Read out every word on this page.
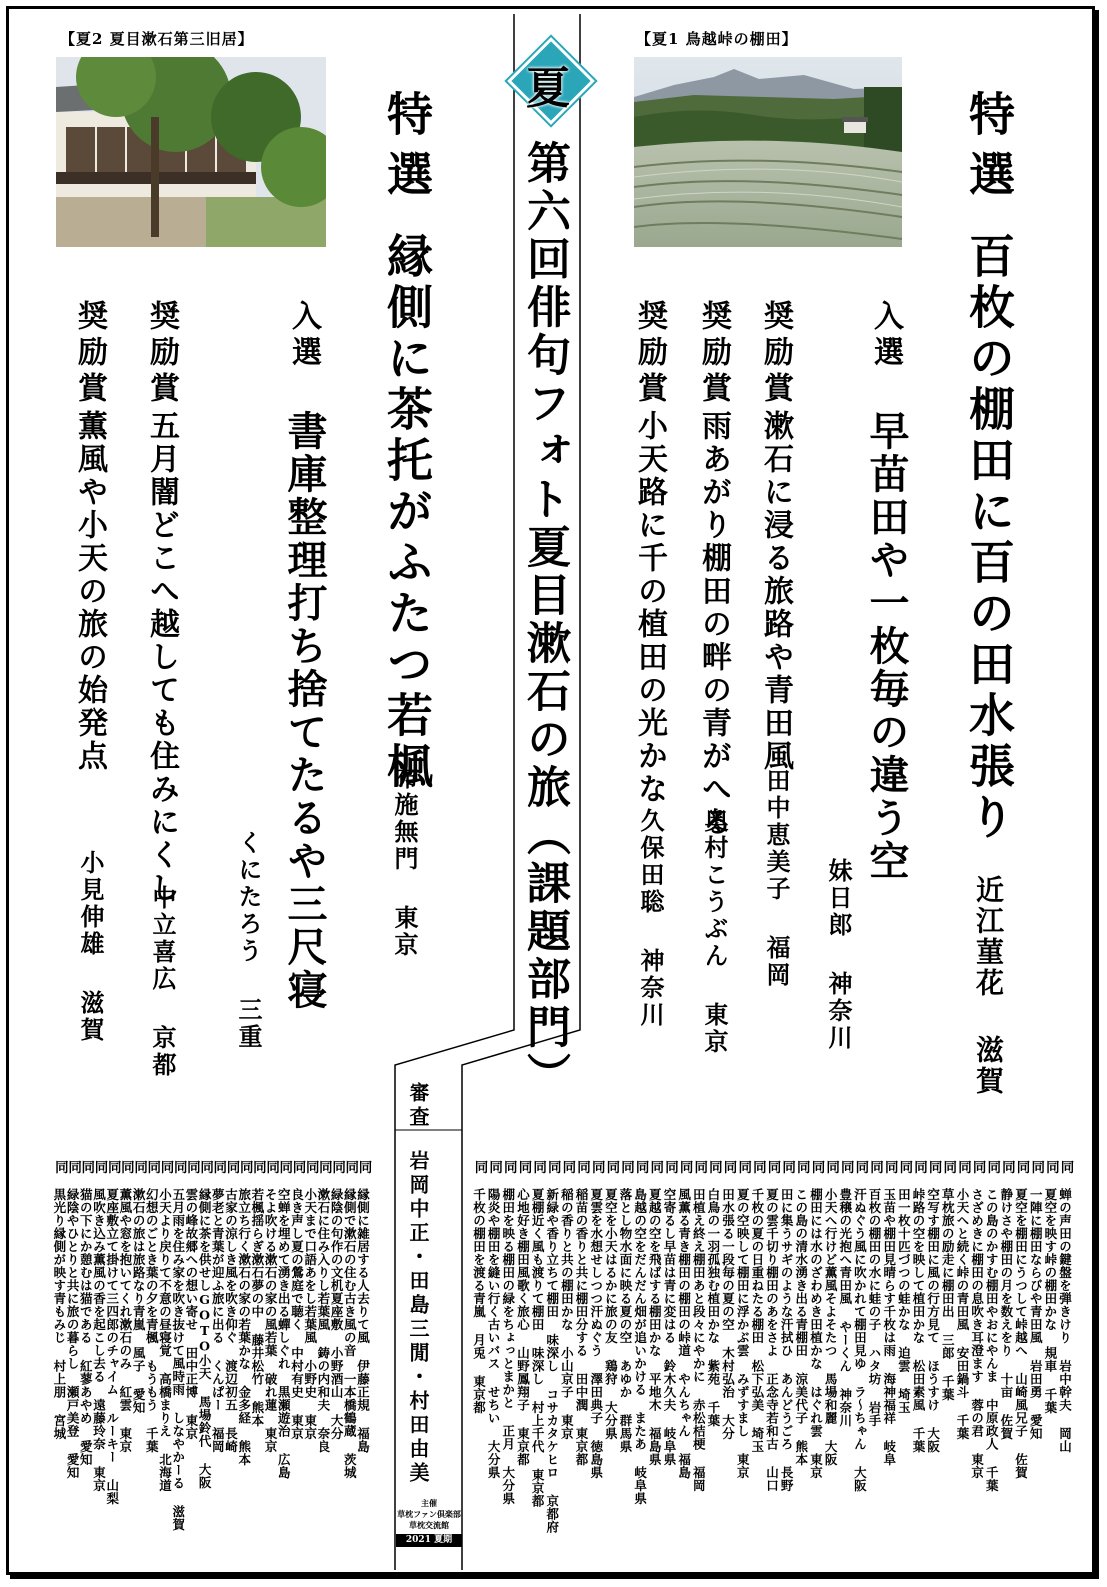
【夏1 鳥越峠の棚田】
【夏2 夏目漱石第三旧居】
夏
第六回俳句フォト夏目漱石の旅（課題部門）	特選
百枚の棚田に百の田水張り
近江菫花 滋賀
入選
早苗田や一枚毎の違う空
妹日郎 神奈川
奨励賞
漱石に浸る旅路や青田風
田中恵美子 福岡
奨励賞
雨あがり棚田の畔の青がへる
奥村こうぶん 東京
奨励賞
小天路に千の植田の光かな
久保田聡 神奈川
特選
縁側に茶托がふたつ若楓
布施無門 東京
入選
書庫整理打ち捨てたるや三尺寝
くにたろう 三重
奨励賞
五月闇どこへ越しても住みにくし
中立喜広 京都
奨励賞
薫風や小天の旅の始発点
小見伸雄 滋賀
審査
岩岡中正・田島三閒・村田由美
主催
草枕ファン倶楽部
草枕交流館
2021 夏期
同
蝉の声田の鍵盤を弾きけり 岩中幹夫 岡山
同
夏空を映す峠の棚田かな 規車 千葉
同
一陣に棚田ならびや青田風 岩田勇 愛知
同
夏空を棚田にうつして峠越へ 山崎風兄子 佐賀
同
静けさや棚田の月を数えをり 十亩 佐賀
同
この島のかすむ棚田やおにやんま 中原政人 千葉
同
さざめきに棚田の息吹き耳澄ます 蓉の君 東京
同
小天へと続く峠の青田風 安田鍋斗 千葉
同
草枕旅の励走に棚田出 三郎 千葉
同
空写す棚田に風の行方見て ほうすけ 大阪
同
峠路の空を映して植田かな 松田素風 千葉
同
田一枚十匹づつの蛙かな 迫雲 埼玉
同
玉苗や棚田見晴らす千枚は雨 海神福祥 岐阜
同
百枚の棚田の水に蛙の子 ハタ坊 岩手
同
汗ぬぐう風に吹かれて棚田見ゆ ラ～ちゃん 大阪
同
豊穣の光抱へ青田風 やーくん 神奈川
同
小天へ行けど薫風そよそたつ 馬場和麗 大阪
同
棚田には水のざわめき田植かな はぐれ雲 東京
同
この島の清水湧き出る青棚田 涼美代子 熊本
同
田に集うサギのような汗拭ひ あんどうごろ 長野
同
夏の雲千切り棚田のあをさよ 正念寺若和古 山口
同
千枚の夏の日重ねたる棚田 松下弘美 埼玉
同
夏の空映して棚田に浮かぶ雲 みずすまし 東京
同
田水張る一段毎の夏の空 木村弘治 大分
同
白鳥の一羽孤独む植田かな 紫苑 千葉
同
田植え終え棚田あと段々にやかに 赤松桔梗 福岡
同
風薫る青き棚田の棚田の峠道 やんちゃん 福島
同
空寄るし早苗は青に変はる 鈴木久夫 岐阜県
同
夏越の空を飛ばする棚田かな 平地木 福島県
同
島越の空をだんだん畑が追いかける またあ 岐阜県
同
落とし物水面に映る夏の空 あゆか 群馬県
同
夏空を小天はるかに旅の友 鶏狩 大分県
同
夏雲を水想せしつつ汗ぬぐう 澤田典子 徳島県
同
稲苗の香りと共に棚田分する 田中潤 東京都
同
稲の香りと共の棚田かな 小山京子 東京
同
新緑や香り立ちて棚田 味深し コサカタケヒロ 京都府
同
夏棚近く風も渡りて棚田 味深し 村上千代 東京都
同
心地好き棚田風歌く旅心 山野鳳翔子 東京都
同
棚田を映る棚田の緑をちょっとまかと 正月 大分県
同
陽炎や棚田を縫い行く古いバス せちい 大分県
同
千枚の棚田を渡る青嵐 月兎 東京都
同
縁側に雑居する人去りて風 伊藤正規 福島
同
縁側で漱石の住む古き風の音 一本橋鶴蔵 茨城
同
緑陰の句作の文机夏座敷 小野酒山 大分
同
漱石に住み入りし若葉風 鋳の内和夫 奈良
同
小天まで口語あをし若葉風 小野史 東京
同
良き声し夏の鶯庭で聴く 中村有史 東京
同
空蝉を埋めて湧き出る蟬しぐれ 黒瀬遊治 広島
同
そよ吹ける漱石の家の風若葉 破れ蓮 東京
同
若楓揺らぎ漱石夢の中 藤井松竹 熊本
同
旅立ち行く漱石の家の若葉かな 金多経 熊本
同
古家の涼しき風を吹き仰ぐ 渡辺初五 長崎
同
夢老と青葉が迎ふ旅に出る くんぱー 福岡
同
縁側に茶を供せしGOTO小天 馬場鈴代 大阪
同
雲の峰故郷への想い寄せ 田中正博 東京
同
五月雨を住み家を吹き抜けて風時雨 しなやかーる 滋賀
同
小天より戻りて不意の昼寝覚 高橋まりえ 北海道
同
幻想のごとき葉の夕を青楓 もうもう 千葉
同
漱石の旅は旅路なり青嵐 風子 愛知
同
薫風や窓を抱いてくれ漱石のみ 紅雲 東京
同
夏座敷立て掛けて三四郎のチャイム ルーキー 山梨
同
風吹き込み薫風の香を起こし去る 遠藤玲奈 東京
同
猫の下にか憩むは猫である 紅蓼あやめ 愛知
同
緑陰やひとりと共に旅の暮らし 瀬戸美登 愛知
同
黒光り縁側が映す青もみじ 村上朋 宮城
